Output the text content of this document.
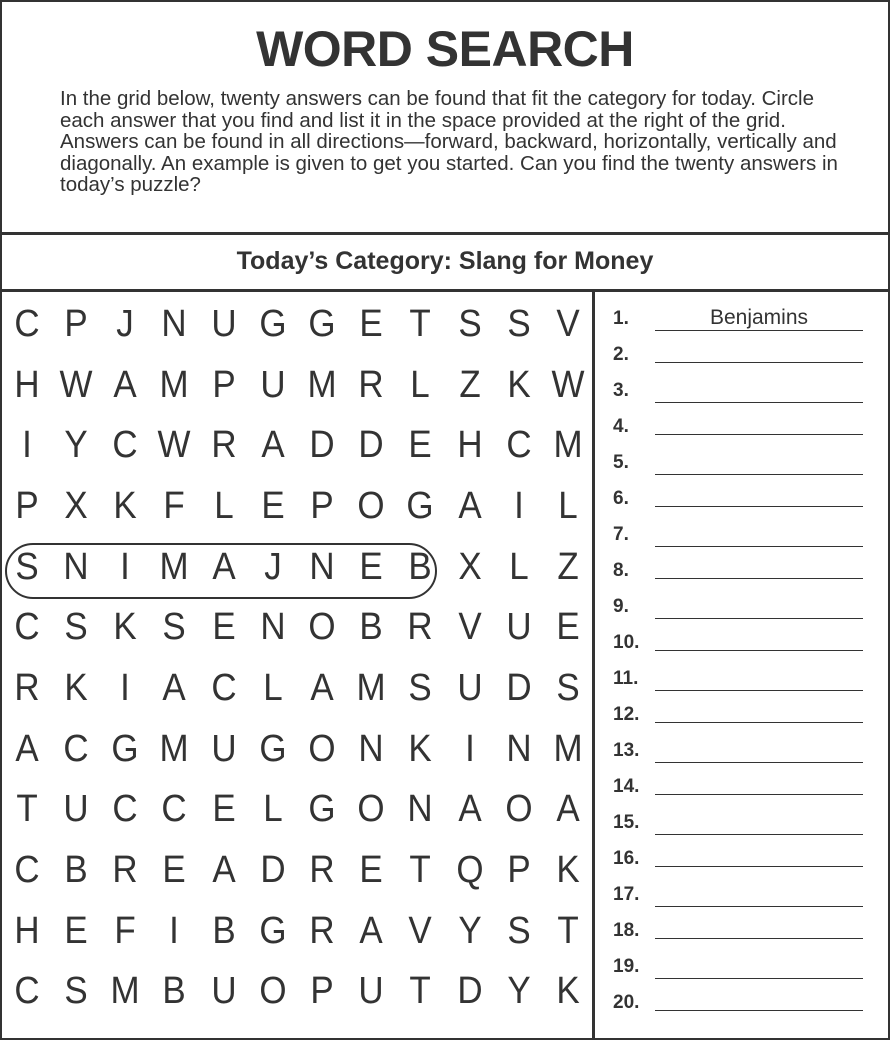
WORD SEARCH
In the grid below, twenty answers can be found that fit the category for today. Circle each answer that you find and list it in the space provided at the right of the grid. Answers can be found in all directions—forward, backward, horizontally, vertically and diagonally. An example is given to get you started. Can you find the twenty answers in today’s puzzle?
Today’s Category: Slang for Money
C P J N U G G E T S S V
H W A M P U M R L Z K W
I Y C W R A D D E H C M
P X K F L E P O G A I L
S N I M A J N E B X L Z
C S K S E N O B R V U E
R K I A C L A M S U D S
A C G M U G O N K I N M
T U C C E L G O N A O A
C B R E A D R E T Q P K
H E F I B G R A V Y S T
C S M B U O P U T D Y K
1.	Benjamins
2.
3.
4.
5.
6.
7.
8.
9.
10.
11.
12.
13.
14.
15.
16.
17.
18.
19.
20.
